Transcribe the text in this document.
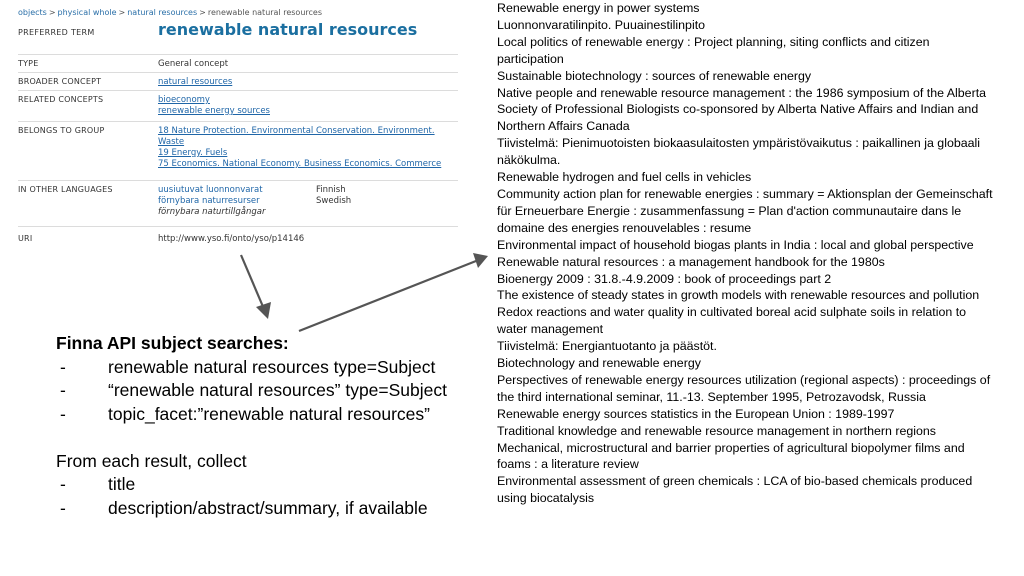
objects > physical whole > natural resources > renewable natural resources
PREFERRED TERM	renewable natural resources
TYPE	General concept
BROADER CONCEPT	natural resources
RELATED CONCEPTS	bioeconomy
renewable energy sources
BELONGS TO GROUP	18 Nature Protection. Environmental Conservation. Environment.
Waste
19 Energy. Fuels
75 Economics. National Economy. Business Economics. Commerce
IN OTHER LANGUAGES	uusiutuvat luonnonvarat	Finnish
förnybara naturresurser	Swedish
förnybara naturtillgångar
URI	http://www.yso.fi/onto/yso/p14146
Finna API subject searches:
- renewable natural resources type=Subject
- “renewable natural resources” type=Subject
- topic_facet:”renewable natural resources”
From each result, collect
- title
- description/abstract/summary, if available
Renewable energy in power systems
Luonnonvaratilinpito. Puuainestilinpito
Local politics of renewable energy : Project planning, siting conflicts and citizen participation
Sustainable biotechnology : sources of renewable energy
Native people and renewable resource management : the 1986 symposium of the Alberta Society of Professional Biologists co-sponsored by Alberta Native Affairs and Indian and Northern Affairs Canada
Tiivistelmä: Pienimuotoisten biokaasulaitosten ympäristövaikutus : paikallinen ja globaali näkökulma.
Renewable hydrogen and fuel cells in vehicles
Community action plan for renewable energies : summary = Aktionsplan der Gemeinschaft für Erneuerbare Energie : zusammenfassung = Plan d'action communautaire dans le domaine des energies renouvelables : resume
Environmental impact of household biogas plants in India : local and global perspective
Renewable natural resources : a management handbook for the 1980s
Bioenergy 2009 : 31.8.-4.9.2009 : book of proceedings part 2
The existence of steady states in growth models with renewable resources and pollution
Redox reactions and water quality in cultivated boreal acid sulphate soils in relation to water management
Tiivistelmä: Energiantuotanto ja päästöt.
Biotechnology and renewable energy
Perspectives of renewable energy resources utilization (regional aspects) : proceedings of the third international seminar, 11.-13. September 1995, Petrozavodsk, Russia
Renewable energy sources statistics in the European Union : 1989-1997
Traditional knowledge and renewable resource management in northern regions
Mechanical, microstructural and barrier properties of agricultural biopolymer films and foams : a literature review
Environmental assessment of green chemicals : LCA of bio-based chemicals produced using biocatalysis
